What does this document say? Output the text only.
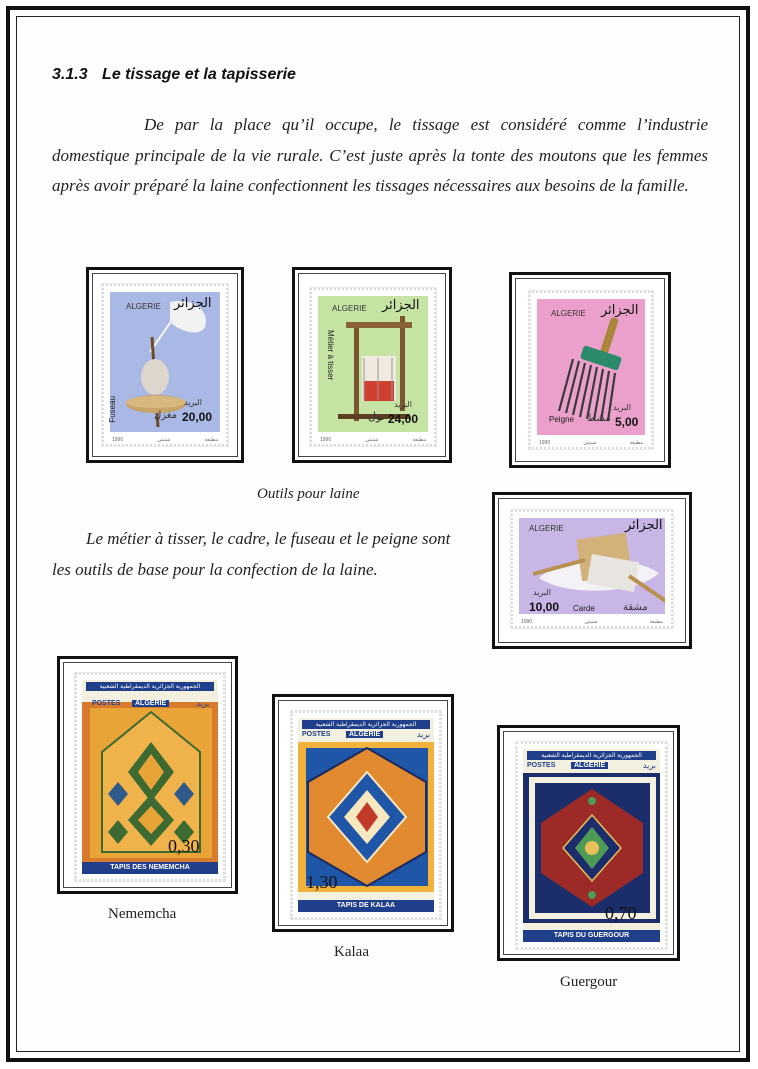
3.1.3 Le tissage et la tapisserie
De par la place qu’il occupe, le tissage est considéré comme l’industrie domestique principale de la vie rurale. C’est juste après la tonte des moutons que les femmes après avoir préparé la laine confectionnent les tissages nécessaires aux besoins de la famille.
ALGERIE الجزائر
Fuseau	البريد
مغزل 20,00
1990	شنيتي	مطبعة
ALGERIE الجزائر
Métier à tisser
البريد
نول 24,00
1990	شنيتي	مطبعة
ALGERIE الجزائر
البريد
Peigne مشط 5,00
1990	شنيتي	مطبعة
Outils pour laine
Le métier à tisser, le cadre, le fuseau et le peigne sont les outils de base pour la confection de la laine.
ALGERIE	الجزائر
البريد
10,00 Carde	مشقة
1990	شنيتي	مطبعة
الجمهورية الجزائرية الديمقراطية الشعبية
0,30
TAPIS DES NEMEMCHA
الجمهورية الجزائرية الديمقراطية الشعبية
POSTES	ALGERIE	بريد
1,30
TAPIS DE KALAA
الجمهورية الجزائرية الديمقراطية الشعبية
POSTES	ALGERIE	بريد
0,70
TAPIS DU GUERGOUR
Nememcha
Kalaa
Guergour
POSTES	ALGERIE	بريد
